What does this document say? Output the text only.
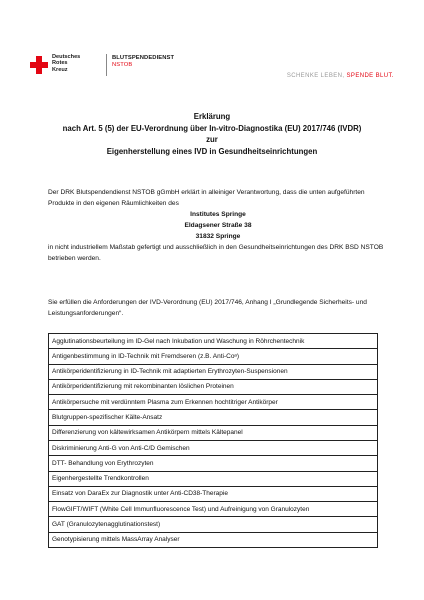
Deutsches
Rotes
Kreuz
BLUTSPENDEDIENST
NSTOB
SCHENKE LEBEN, SPENDE BLUT.
Erklärung
nach Art. 5 (5) der EU-Verordnung über In-vitro-Diagnostika (EU) 2017/746 (IVDR)
zur
Eigenherstellung eines IVD in Gesundheitseinrichtungen
Der DRK Blutspendendienst NSTOB gGmbH erklärt in alleiniger Verantwortung, dass die unten aufgeführten Produkte in den eigenen Räumlichkeiten des
Institutes Springe
Eldagsener Straße 38
31832 Springe
in nicht industriellem Maßstab gefertigt und ausschließlich in den Gesundheitseinrichtungen des DRK BSD NSTOB betrieben werden.
Sie erfüllen die Anforderungen der IVD-Verordnung (EU) 2017/746, Anhang I „Grundlegende Sicherheits- und Leistungsanforderungen“.
Agglutinationsbeurteilung im ID-Gel nach Inkubation und Waschung in Röhrchentechnik
Antigenbestimmung in ID-Technik mit Fremdseren (z.B. Anti-Coᵃ)
Antikörperidentifizierung in ID-Technik mit adaptierten Erythrozyten-Suspensionen
Antikörperidentifizierung mit rekombinanten löslichen Proteinen
Antikörpersuche mit verdünntem Plasma zum Erkennen hochtitriger Antikörper
Blutgruppen-spezifischer Kälte-Ansatz
Differenzierung von kältewirksamen Antikörpern mittels Kältepanel
Diskriminierung Anti-G von Anti-C/D Gemischen
DTT- Behandlung von Erythrozyten
Eigenhergestellte Trendkontrollen
Einsatz von DaraEx zur Diagnostik unter Anti-CD38-Therapie
FlowGIFT/WIFT (White Cell Immunfluorescence Test) und Aufreinigung von Granulozyten
GAT (Granulozytenagglutinationstest)
Genotypisierung mittels MassArray Analyser
